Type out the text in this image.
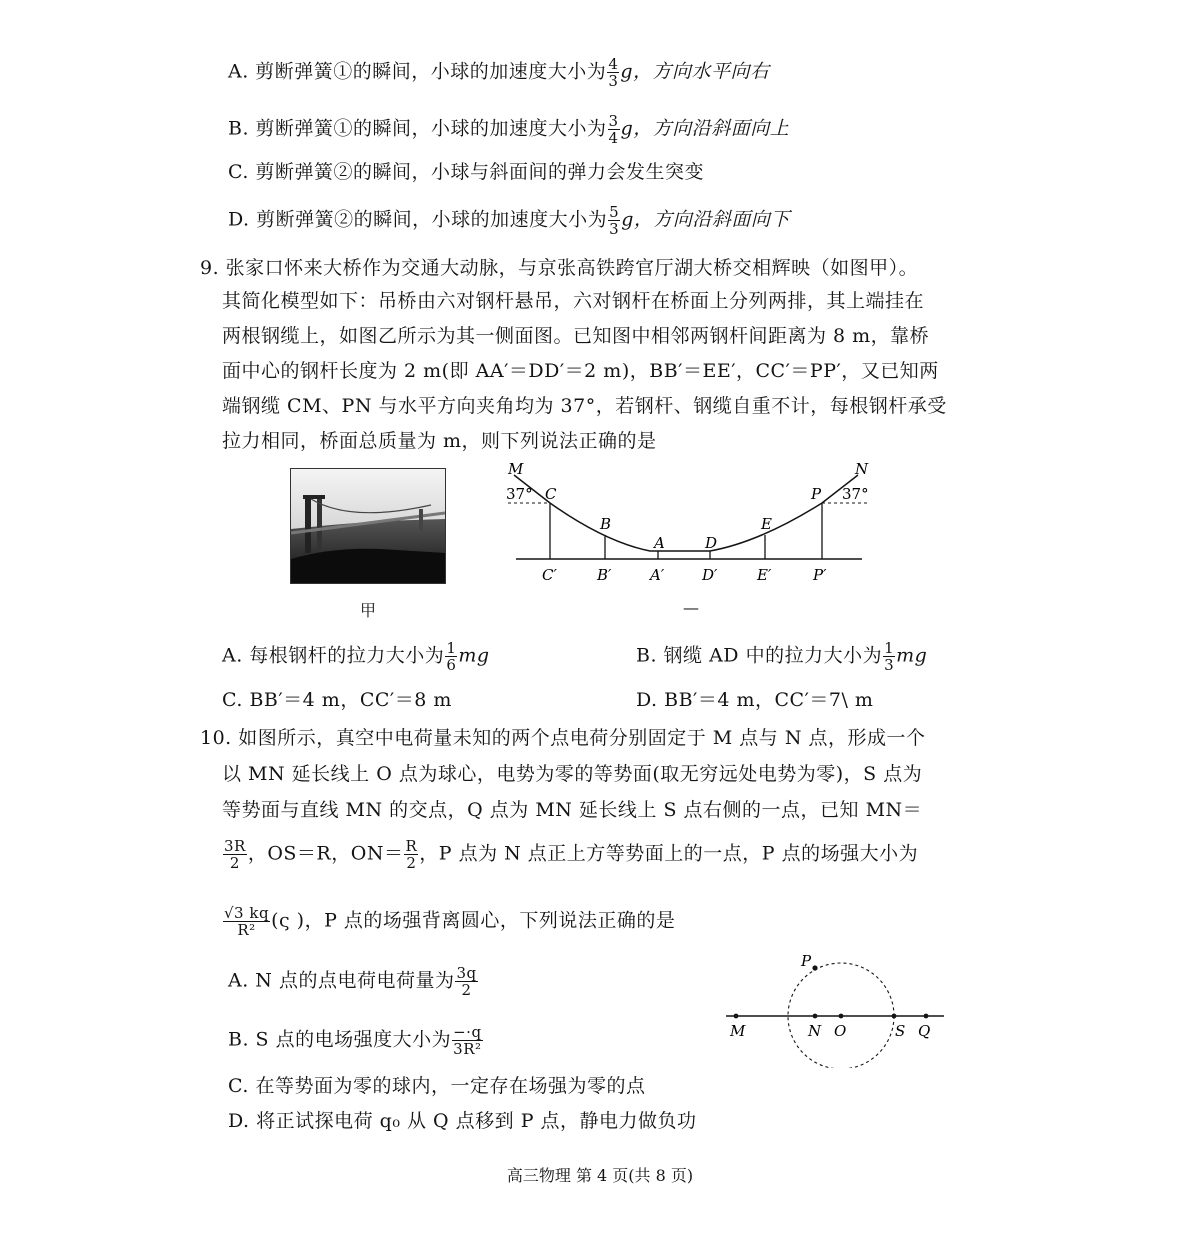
A. 剪断弹簧①的瞬间，小球的加速度大小为 $\frac{4}{3}$ g，方向水平向右
B. 剪断弹簧①的瞬间，小球的加速度大小为 $\frac{3}{4}$ g，方向沿斜面向上
C. 剪断弹簧②的瞬间，小球与斜面间的弹力会发生突变
D. 剪断弹簧②的瞬间，小球的加速度大小为 $\frac{5}{3}$ g，方向沿斜面向下
9. 张家口怀来大桥作为交通大动脉，与京张高铁跨官厅湖大桥交相辉映（如图甲）。
其简化模型如下：吊桥由六对钢杆悬吊，六对钢杆在桥面上分列两排，其上端挂在
两根钢缆上，如图乙所示为其一侧面图。已知图中相邻两钢杆间距离为 8 m，靠桥
面中心的钢杆长度为 2 m(即 AA′＝DD′＝2 m)，BB′＝EE′，CC′＝PP′，又已知两
端钢缆 CM、PN 与水平方向夹角均为 37°，若钢杆、钢缆自重不计，每根钢杆承受
拉力相同，桥面总质量为 m，则下列说法正确的是
甲
37°	37°
M
C
B
A	D
E
P
N
C′	B′	A′	D′	E′	P′
—
A. 每根钢杆的拉力大小为 $\frac{1}{6}$ mg	B. 钢缆 AD 中的拉力大小为 $\frac{1}{3}$ mg
C. BB′＝4 m，CC′＝8 m	D. BB′＝4 m，CC′＝7\ m
10. 如图所示，真空中电荷量未知的两个点电荷分别固定于 M 点与 N 点，形成一个
以 MN 延长线上 O 点为球心，电势为零的等势面(取无穷远处电势为零)，S 点为
等势面与直线 MN 的交点，Q 点为 MN 延长线上 S 点右侧的一点，已知 MN＝
$\frac{3R}{2}$ ，OS＝R，$ON= \frac{R}{2}$ ，P 点为 N 点正上方等势面上的一点，P 点的场强大小为
$\frac{√3 kq}{\text{R²}} (\varsigma$ )，P 点的场强背离圆心，下列说法正确的是
A. N 点的点电荷电荷量为 $\frac{3q}{2}$
B. S 点的电场强度大小为 $\frac{-\cdot q}{\text{3R²}}$
C. 在等势面为零的球内，一定存在场强为零的点
D. 将正试探电荷 q₀ 从 Q 点移到 P 点，静电力做负功
P
M	N O	S Q
高三物理 第 4 页(共 8 页)
